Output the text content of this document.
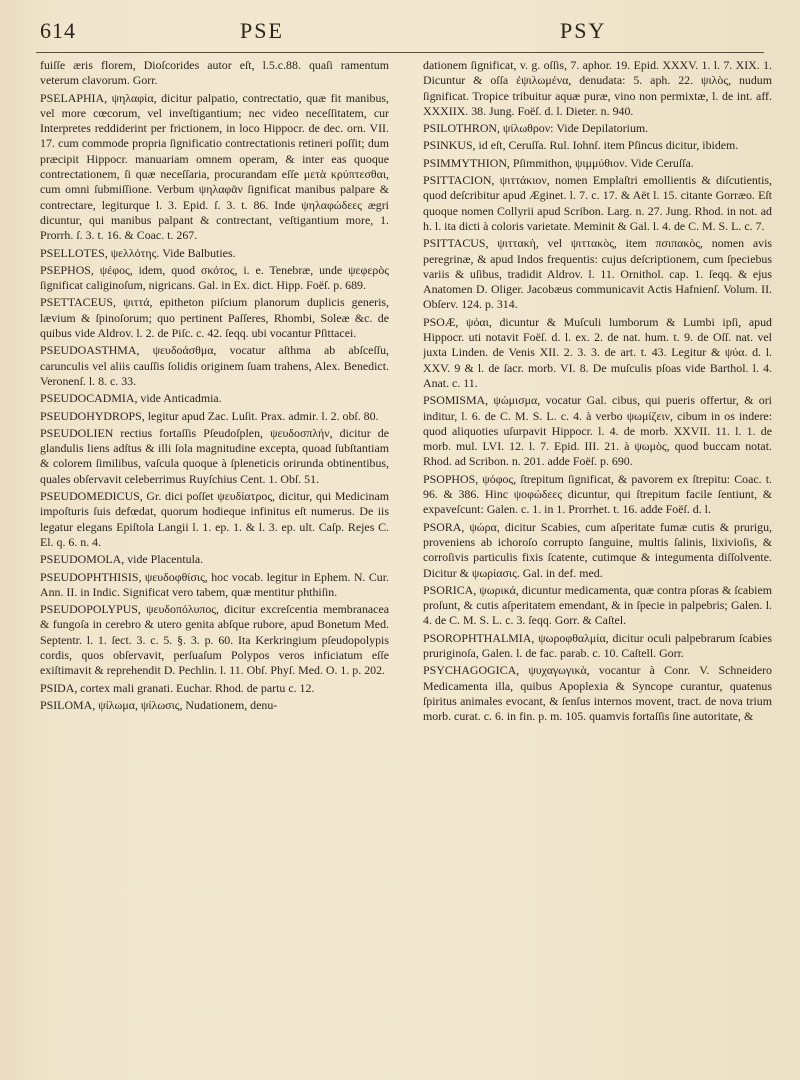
614	PSE	PSY

fuiſſe æris florem, Dioſcorides autor eſt, l.5.c.88. quaſi ramentum veterum clavorum. Gorr.

PSELAPHIA, ψηλαφία, dicitur palpatio, contrectatio, quæ fit manibus, vel more cœcorum, vel inveſtigantium; nec video neceſſitatem, cur Interpretes reddiderint per frictionem, in loco Hippocr. de dec. orn. VII. 17. cum commode propria ſignificatio contrectationis retineri poſſit; dum præcipit Hippocr. manuariam omnem operam, & inter eas quoque contrectationem, ſi quæ neceſſaria, procurandam eſſe μετὰ κρύπτεσθαι, cum omni ſubmiſſione. Verbum ψηλαφᾶν ſignificat manibus palpare & contrectare, legiturque l. 3. Epid. ſ. 3. t. 86. Inde ψηλαφώδεες ægri dicuntur, qui manibus palpant & contrectant, veſtigantium more, 1. Prorrh. ſ. 3. t. 16. & Coac. t. 267.

PSELLOTES, ψελλότης. Vide Balbuties.

PSEPHOS, ψέφος, idem, quod σκότος, i. e. Tenebræ, unde ψεφερὸς ſignificat caliginoſum, nigricans. Gal. in Ex. dict. Hipp. Foëſ. p. 689.

PSETTACEUS, ψιττά, epitheton piſcium planorum duplicis generis, lævium & ſpinoſorum; quo pertinent Paſſeres, Rhombi, Soleæ &c. de quibus vide Aldrov. l. 2. de Piſc. c. 42. ſeqq. ubi vocantur Pſittacei.

PSEUDOASTHMA, ψευδοάσθμα, vocatur aſthma ab abſceſſu, carunculis vel aliis cauſſis ſolidis originem ſuam trahens, Alex. Benedict. Veronenſ. l. 8. c. 33.

PSEUDOCADMIA, vide Anticadmia.

PSEUDOHYDROPS, legitur apud Zac. Luſit. Prax. admir. l. 2. obſ. 80.

PSEUDOLIEN rectius fortaſſis Pſeudoſplen, ψευδοσπλήν, dicitur de glandulis liens adſtus & illi ſola magnitudine excepta, quoad ſubſtantiam & colorem ſimilibus, vaſcula quoque à ſpleneticis orirunda obtinentibus, quales obſervavit celeberrimus Ruyſchius Cent. 1. Obſ. 51.

PSEUDOMEDICUS, Gr. dici poſſet ψευδίατρος, dicitur, qui Medicinam impoſturis ſuis defœdat, quorum hodieque infinitus eſt numerus. De iis legatur elegans Epiſtola Langii l. 1. ep. 1. & l. 3. ep. ult. Caſp. Rejes C. El. q. 6. n. 4.

PSEUDOMOLA, vide Placentula.

PSEUDOPHTHISIS, ψευδοφθίσις, hoc vocab. legitur in Ephem. N. Cur. Ann. II. in Indic. Significat vero tabem, quæ mentitur phthiſin.

PSEUDOPOLYPUS, ψευδοπόλυπος, dicitur excreſcentia membranacea & fungoſa in cerebro & utero genita abſque rubore, apud Bonetum Med. Septentr. l. 1. ſect. 3. c. 5. §. 3. p. 60. Ita Kerkringium pſeudopolypis cordis, quos obſervavit, perſuaſum Polypos veros inficiatum eſſe exiſtimavit & reprehendit D. Pechlin. l. 11. Obſ. Phyſ. Med. O. 1. p. 202.

PSIDA, cortex mali granati. Euchar. Rhod. de partu c. 12.

PSILOMA, ψίλωμα, ψίλωσις, Nudationem, denu-

dationem ſignificat, v. g. oſſis, 7. aphor. 19. Epid. XXXV. 1. l. 7. XIX. 1. Dicuntur & oſſa ἐψιλωμένα, denudata: 5. aph. 22. ψιλὸς, nudum ſignificat. Tropice tribuitur aquæ puræ, vino non permixtæ, l. de int. aff. XXXIIX. 38. Jung. Foëſ. d. l. Dieter. n. 940.

PSILOTHRON, ψίλωθρον: Vide Depilatorium.

PSINKUS, id eſt, Ceruſſa. Rul. Iohnſ. item Pſincus dicitur, ibidem.

PSIMMYTHION, Pſimmithon, ψιμμύθιον. Vide Ceruſſa.

PSITTACION, ψιττάκιον, nomen Emplaſtri emollientis & diſcutientis, quod deſcribitur apud Æginet. l. 7. c. 17. & Aët l. 15. citante Gorræo. Eſt quoque nomen Collyrii apud Scribon. Larg. n. 27. Jung. Rhod. in not. ad h. l. ita dicti à coloris varietate. Meminit & Gal. l. 4. de C. M. S. L. c. 7.

PSITTACUS, ψιττακὴ, vel ψιττακὸς, item πσιπακὸς, nomen avis peregrinæ, & apud Indos frequentis: cujus deſcriptionem, cum ſpeciebus variis & uſibus, tradidit Aldrov. l. 11. Ornithol. cap. 1. ſeqq. & ejus Anatomen D. Oliger. Jacobæus communicavit Actis Hafnienſ. Volum. II. Obſerv. 124. p. 314.

PSOÆ, ψόαι, dicuntur & Muſculi lumborum & Lumbi ipſi, apud Hippocr. uti notavit Foëſ. d. l. ex. 2. de nat. hum. t. 9. de Oſſ. nat. vel juxta Linden. de Venis XII. 2. 3. 3. de art. t. 43. Legitur & ψύα. d. l. XXV. 9 & l. de ſacr. morb. VI. 8. De muſculis pſoas vide Barthol. l. 4. Anat. c. 11.

PSOMISMA, ψώμισμα, vocatur Gal. cibus, qui pueris offertur, & ori inditur, l. 6. de C. M. S. L. c. 4. à verbo ψωμίζειν, cibum in os indere: quod aliquoties uſurpavit Hippocr. l. 4. de morb. XXVII. 11. l. 1. de morb. mul. LVI. 12. l. 7. Epid. III. 21. à ψωμὸς, quod buccam notat. Rhod. ad Scribon. n. 201. adde Foëſ. p. 690.

PSOPHOS, ψόφος, ſtrepitum ſignificat, & pavorem ex ſtrepitu: Coac. t. 96. & 386. Hinc ψοφώδεες dicuntur, qui ſtrepitum facile ſentiunt, & expaveſcunt: Galen. c. 1. in 1. Prorrhet. t. 16. adde Foëſ. d. l.

PSORA, ψώρα, dicitur Scabies, cum aſperitate fumæ cutis & prurigu, proveniens ab ichoroſo corrupto ſanguine, multis ſalinis, lixivioſis, & corroſivis particulis fixis ſcatente, cutimque & integumenta diſſolvente. Dicitur & ψωρίασις. Gal. in def. med.

PSORICA, ψωρικά, dicuntur medicamenta, quæ contra pſoras & ſcabiem proſunt, & cutis aſperitatem emendant, & in ſpecie in palpebris; Galen. l. 4. de C. M. S. L. c. 3. ſeqq. Gorr. & Caſtel.

PSOROPHTHALMIA, ψωροφθαλμία, dicitur oculi palpebrarum ſcabies pruriginoſa, Galen. l. de fac. parab. c. 10. Caſtell. Gorr.

PSYCHAGOGICA, ψυχαγωγικὰ, vocantur à Conr. V. Schneidero Medicamenta illa, quibus Apoplexia & Syncope curantur, quatenus ſpiritus animales evocant, & ſenſus internos movent, tract. de nova trium morb. curat. c. 6. in fin. p. m. 105. quamvis fortaſſis ſine autoritate, &
